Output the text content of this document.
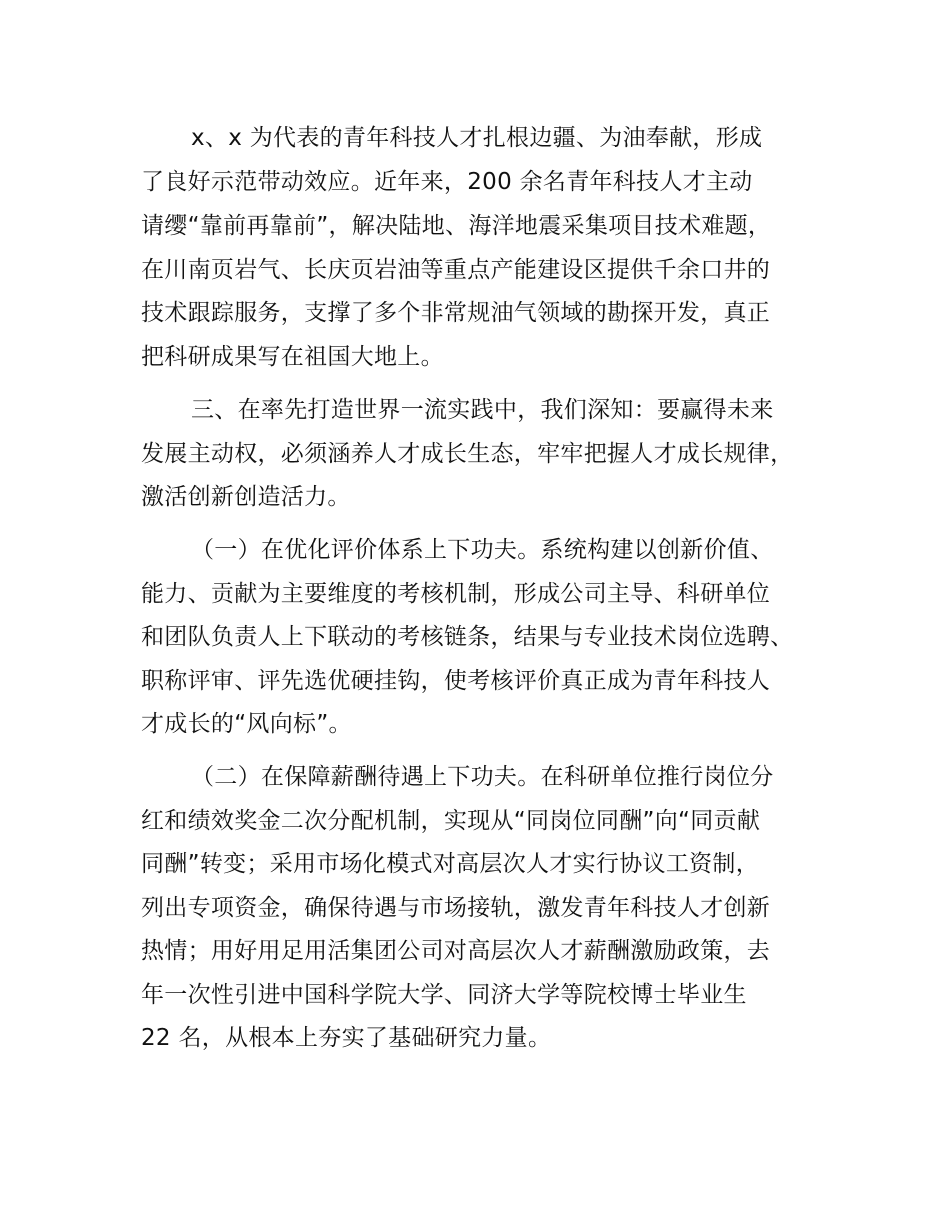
x、x 为代表的青年科技人才扎根边疆、为油奉献，形成
了良好示范带动效应。近年来，200 余名青年科技人才主动
请缨“靠前再靠前”，解决陆地、海洋地震采集项目技术难题，
在川南页岩气、长庆页岩油等重点产能建设区提供千余口井的
技术跟踪服务，支撑了多个非常规油气领域的勘探开发，真正
把科研成果写在祖国大地上。
三、在率先打造世界一流实践中，我们深知：要赢得未来
发展主动权，必须涵养人才成长生态，牢牢把握人才成长规律，
激活创新创造活力。
（一）在优化评价体系上下功夫。系统构建以创新价值、
能力、贡献为主要维度的考核机制，形成公司主导、科研单位
和团队负责人上下联动的考核链条，结果与专业技术岗位选聘、
职称评审、评先选优硬挂钩，使考核评价真正成为青年科技人
才成长的“风向标”。
（二）在保障薪酬待遇上下功夫。在科研单位推行岗位分
红和绩效奖金二次分配机制，实现从“同岗位同酬”向“同贡献
同酬”转变；采用市场化模式对高层次人才实行协议工资制，
列出专项资金，确保待遇与市场接轨，激发青年科技人才创新
热情；用好用足用活集团公司对高层次人才薪酬激励政策，去
年一次性引进中国科学院大学、同济大学等院校博士毕业生
22 名，从根本上夯实了基础研究力量。
